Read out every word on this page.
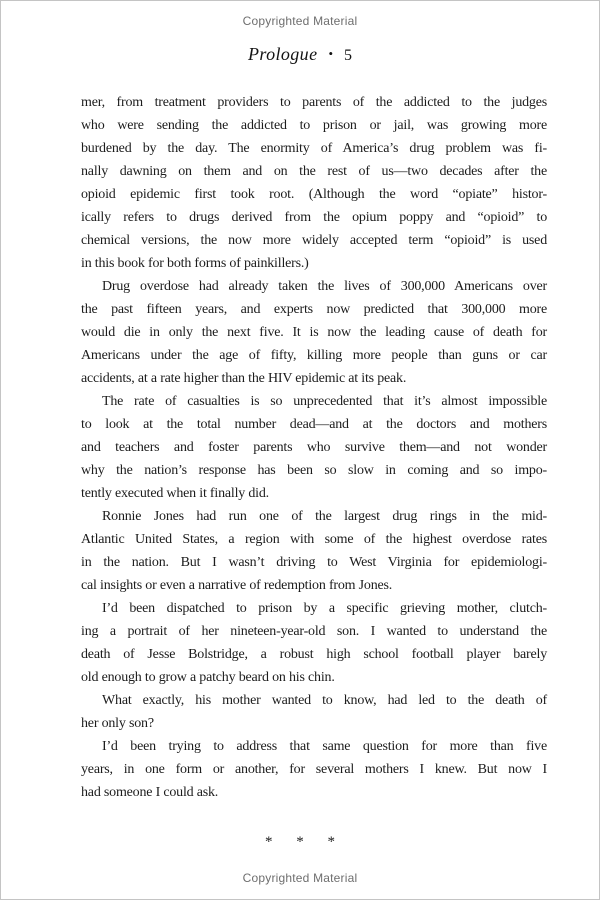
Copyrighted Material
Prologue • 5

mer, from treatment providers to parents of the addicted to the judges
who were sending the addicted to prison or jail, was growing more
burdened by the day. The enormity of America’s drug problem was fi-
nally dawning on them and on the rest of us—two decades after the
opioid epidemic first took root. (Although the word “opiate” histor-
ically refers to drugs derived from the opium poppy and “opioid” to
chemical versions, the now more widely accepted term “opioid” is used
in this book for both forms of painkillers.)

Drug overdose had already taken the lives of 300,000 Americans over
the past fifteen years, and experts now predicted that 300,000 more
would die in only the next five. It is now the leading cause of death for
Americans under the age of fifty, killing more people than guns or car
accidents, at a rate higher than the HIV epidemic at its peak.

The rate of casualties is so unprecedented that it’s almost impossible
to look at the total number dead—and at the doctors and mothers
and teachers and foster parents who survive them—and not wonder
why the nation’s response has been so slow in coming and so impo-
tently executed when it finally did.

Ronnie Jones had run one of the largest drug rings in the mid-
Atlantic United States, a region with some of the highest overdose rates
in the nation. But I wasn’t driving to West Virginia for epidemiologi-
cal insights or even a narrative of redemption from Jones.

I’d been dispatched to prison by a specific grieving mother, clutch-
ing a portrait of her nineteen-year-old son. I wanted to understand the
death of Jesse Bolstridge, a robust high school football player barely
old enough to grow a patchy beard on his chin.

What exactly, his mother wanted to know, had led to the death of
her only son?

I’d been trying to address that same question for more than five
years, in one form or another, for several mothers I knew. But now I
had someone I could ask.

* * *
Copyrighted Material
